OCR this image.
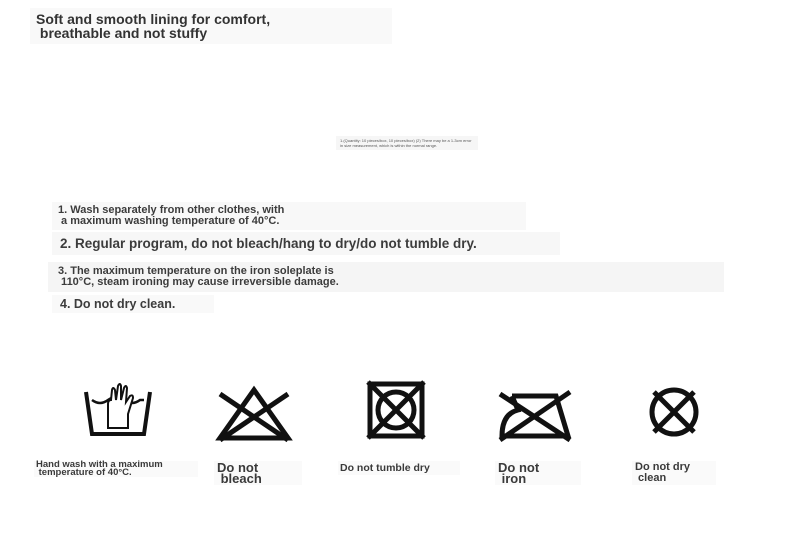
Soft and smooth lining for comfort,
breathable and not stuffy
1.(Quantity: 10 pieces/box, 10 pieces/box) (2) There may be a 1-3cm error in size measurement, which is within the normal range.
1. Wash separately from other clothes, with
a maximum washing temperature of 40°C.
2. Regular program, do not bleach/hang to dry/do not tumble dry.
3. The maximum temperature on the iron soleplate is
110°C, steam ironing may cause irreversible damage.
4. Do not dry clean.
Hand wash with a maximum
temperature of 40°C.	Do not
bleach
Do not tumble dry	Do not
iron
Do not dry
clean
